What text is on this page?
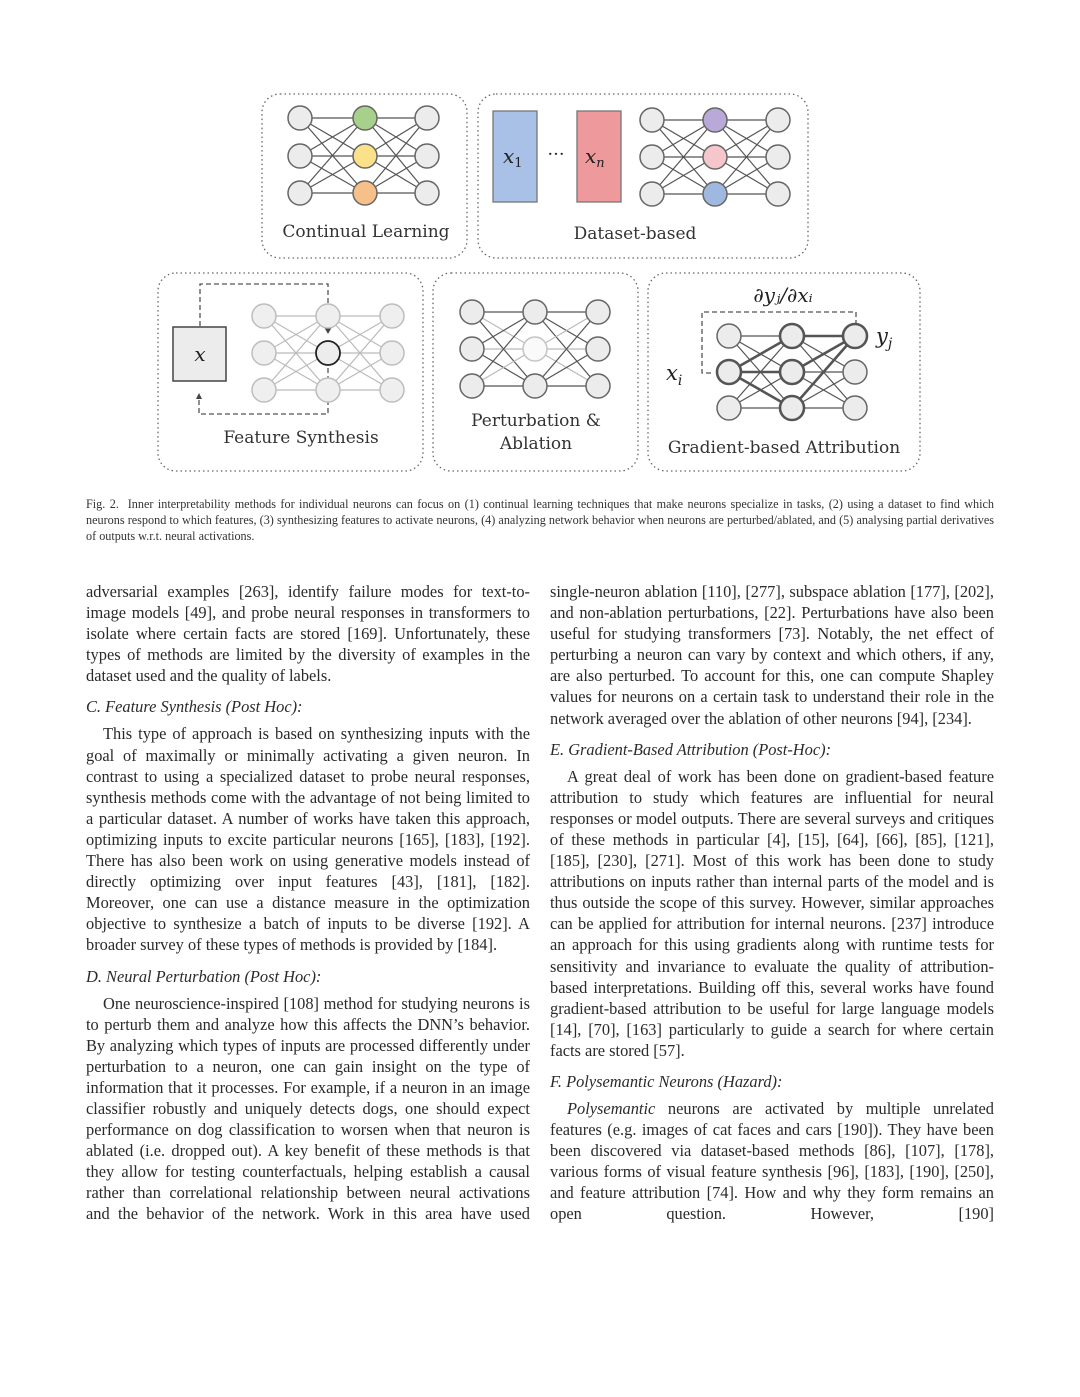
Continual Learning
$x_1$ ··· $x_n$
Dataset-based
x
Feature Synthesis
Perturbation &
Ablation
∂yⱼ/∂xᵢ
$x_i$
$y_j$
Gradient-based Attribution
Fig. 2. Inner interpretability methods for individual neurons can focus on (1) continual learning techniques that make neurons specialize in tasks, (2) using a dataset to find which neurons respond to which features, (3) synthesizing features to activate neurons, (4) analyzing network behavior when neurons are perturbed/ablated, and (5) analysing partial derivatives of outputs w.r.t. neural activations.

adversarial examples [263], identify failure modes for text-to-image models [49], and probe neural responses in transformers to isolate where certain facts are stored [169]. Unfortunately, these types of methods are limited by the diversity of examples in the dataset used and the quality of labels.

C. Feature Synthesis (Post Hoc):

This type of approach is based on synthesizing inputs with the goal of maximally or minimally activating a given neuron. In contrast to using a specialized dataset to probe neural responses, synthesis methods come with the advantage of not being limited to a particular dataset. A number of works have taken this approach, optimizing inputs to excite particular neurons [165], [183], [192]. There has also been work on using generative models instead of directly optimizing over input features [43], [181], [182]. Moreover, one can use a distance measure in the optimization objective to synthesize a batch of inputs to be diverse [192]. A broader survey of these types of methods is provided by [184].

D. Neural Perturbation (Post Hoc):

One neuroscience-inspired [108] method for studying neurons is to perturb them and analyze how this affects the DNN’s behavior. By analyzing which types of inputs are processed differently under perturbation to a neuron, one can gain insight on the type of information that it processes. For example, if a neuron in an image classifier robustly and uniquely detects dogs, one should expect performance on dog classification to worsen when that neuron is ablated (i.e. dropped out). A key benefit of these methods is that they allow for testing counterfactuals, helping establish a causal rather than correlational relationship between neural activations and the behavior of the network. Work in this area have used

single-neuron ablation [110], [277], subspace ablation [177], [202], and non-ablation perturbations, [22]. Perturbations have also been useful for studying transformers [73]. Notably, the net effect of perturbing a neuron can vary by context and which others, if any, are also perturbed. To account for this, one can compute Shapley values for neurons on a certain task to understand their role in the network averaged over the ablation of other neurons [94], [234].

E. Gradient-Based Attribution (Post-Hoc):

A great deal of work has been done on gradient-based feature attribution to study which features are influential for neural responses or model outputs. There are several surveys and critiques of these methods in particular [4], [15], [64], [66], [85], [121], [185], [230], [271]. Most of this work has been done to study attributions on inputs rather than internal parts of the model and is thus outside the scope of this survey. However, similar approaches can be applied for attribution for internal neurons. [237] introduce an approach for this using gradients along with runtime tests for sensitivity and invariance to evaluate the quality of attribution-based interpretations. Building off this, several works have found gradient-based attribution to be useful for large language models [14], [70], [163] particularly to guide a search for where certain facts are stored [57].

F. Polysemantic Neurons (Hazard):

Polysemantic neurons are activated by multiple unrelated features (e.g. images of cat faces and cars [190]). They have been been discovered via dataset-based methods [86], [107], [178], various forms of visual feature synthesis [96], [183], [190], [250], and feature attribution [74]. How and why they form remains an open question. However, [190]
